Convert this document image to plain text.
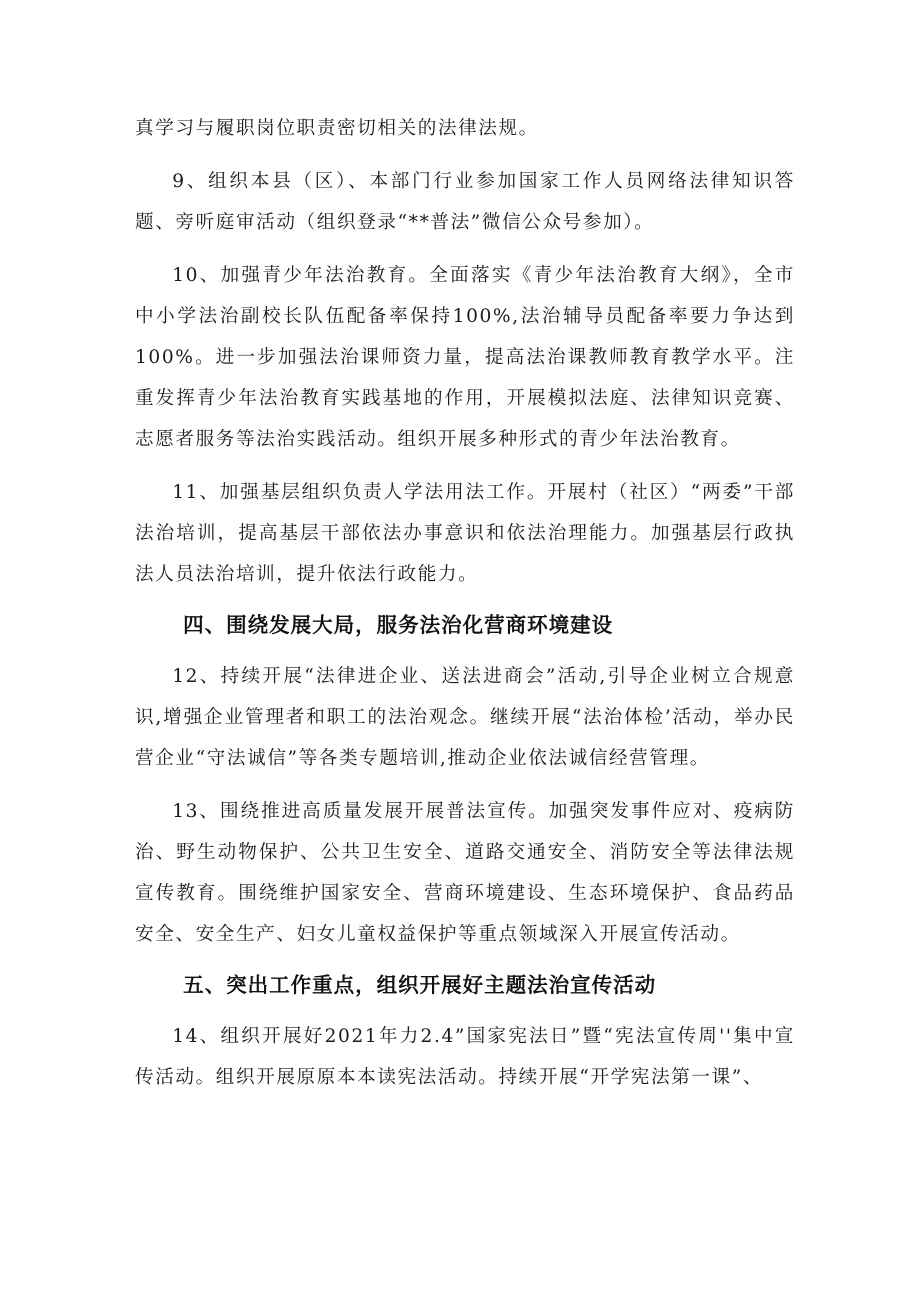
真学习与履职岗位职责密切相关的法律法规。

9、组织本县（区）、本部门行业参加国家工作人员网络法律知识答题、旁听庭审活动（组织登录“**普法”微信公众号参加）。

10、加强青少年法治教育。全面落实《青少年法治教育大纲》，全市中小学法治副校长队伍配备率保持100%,法治辅导员配备率要力争达到100%。进一步加强法治课师资力量，提高法治课教师教育教学水平。注重发挥青少年法治教育实践基地的作用，开展模拟法庭、法律知识竞赛、志愿者服务等法治实践活动。组织开展多种形式的青少年法治教育。

11、加强基层组织负责人学法用法工作。开展村（社区）“两委”干部法治培训，提高基层干部依法办事意识和依法治理能力。加强基层行政执法人员法治培训，提升依法行政能力。

四、围绕发展大局，服务法治化营商环境建设

12、持续开展“法律进企业、送法进商会”活动,引导企业树立合规意识,增强企业管理者和职工的法治观念。继续开展“法治体检’活动，举办民营企业“守法诚信”等各类专题培训,推动企业依法诚信经营管理。

13、围绕推进高质量发展开展普法宣传。加强突发事件应对、疫病防治、野生动物保护、公共卫生安全、道路交通安全、消防安全等法律法规宣传教育。围绕维护国家安全、营商环境建设、生态环境保护、食品药品安全、安全生产、妇女儿童权益保护等重点领域深入开展宣传活动。

五、突出工作重点，组织开展好主题法治宣传活动

14、组织开展好2021年力2.4”国家宪法日”暨“宪法宣传周''集中宣传活动。组织开展原原本本读宪法活动。持续开展“开学宪法第一课”、
